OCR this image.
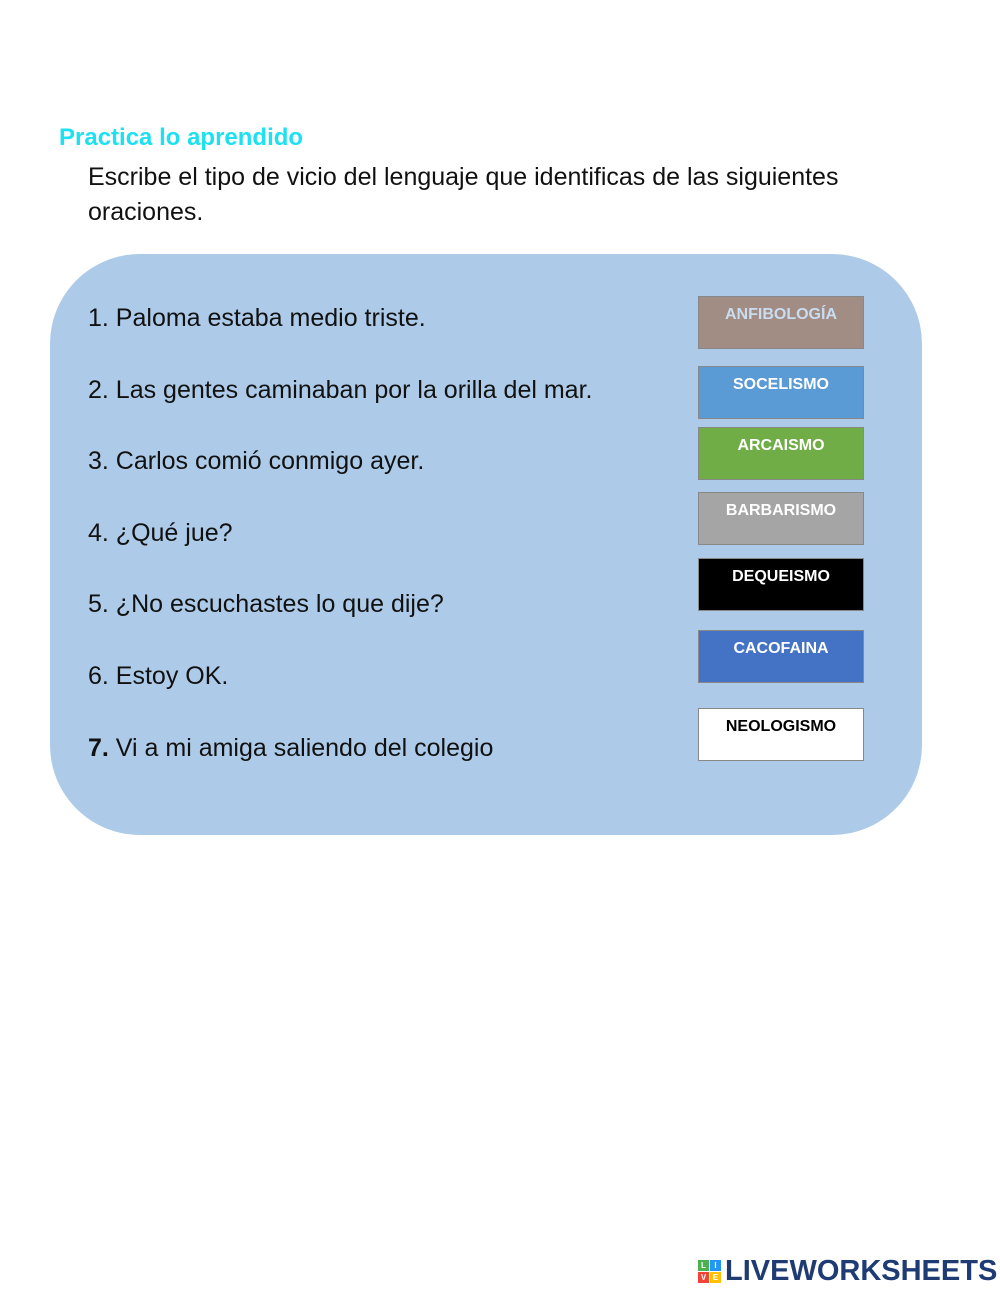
Practica lo aprendido
Escribe el tipo de vicio del lenguaje que identificas de las siguientes oraciones.
1. Paloma estaba medio triste.
2. Las gentes caminaban por la orilla del mar.
3. Carlos comió conmigo ayer.
4. ¿Qué jue?
5. ¿No escuchastes lo que dije?
6. Estoy OK.
7. Vi a mi amiga saliendo del colegio
ANFIBOLOGÍA
SOCELISMO
ARCAISMO
BARBARISMO
DEQUEISMO
CACOFAINA
NEOLOGISMO
L	I
V E LIVEWORKSHEETS
